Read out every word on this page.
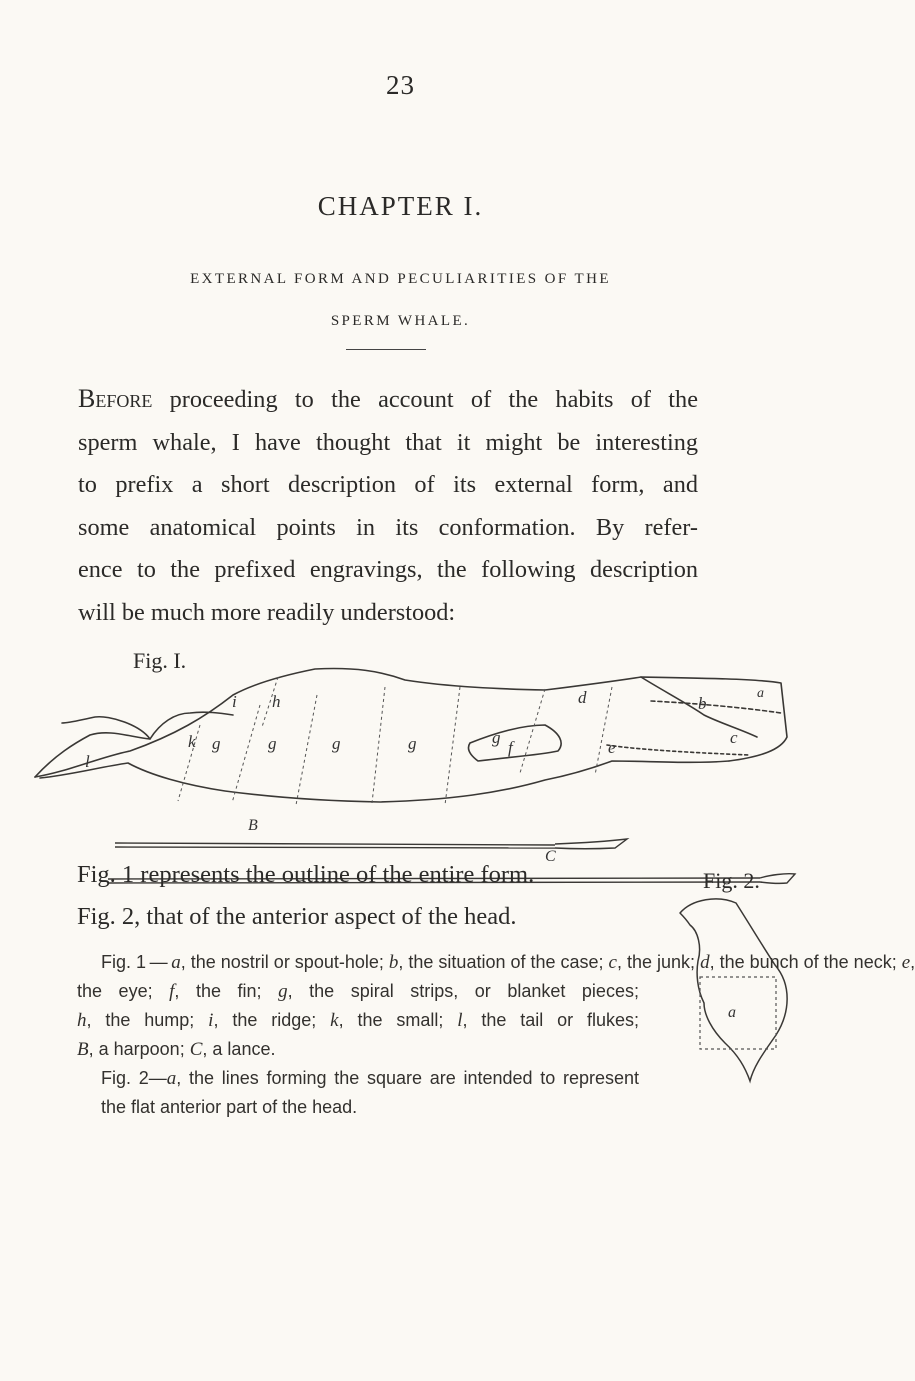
23
CHAPTER I.
EXTERNAL FORM AND PECULIARITIES OF THE
SPERM WHALE.
Before proceeding to the account of the habits of the
sperm whale, I have thought that it might be interesting
to prefix a short description of its external form, and
some anatomical points in its conformation. By refer-
ence to the prefixed engravings, the following description
will be much more readily understood:
Fig. I.
B
i h
k
l
g	g	g	g	g
f
d	b
a
c
e
C
Fig. 2.
a
Fig. 1 represents the outline of the entire form.
Fig. 2, that of the anterior aspect of the head.
Fig. 1 — a, the nostril or spout-hole; b, the situation of the case; c, the junk; d, the bunch of the neck; e,
the eye; f, the fin; g, the spiral strips, or blanket pieces;
h, the hump; i, the ridge; k, the small; l, the tail or flukes;
B, a harpoon; C, a lance.
Fig. 2—a, the lines forming the square are intended to represent the flat anterior part of the head.
